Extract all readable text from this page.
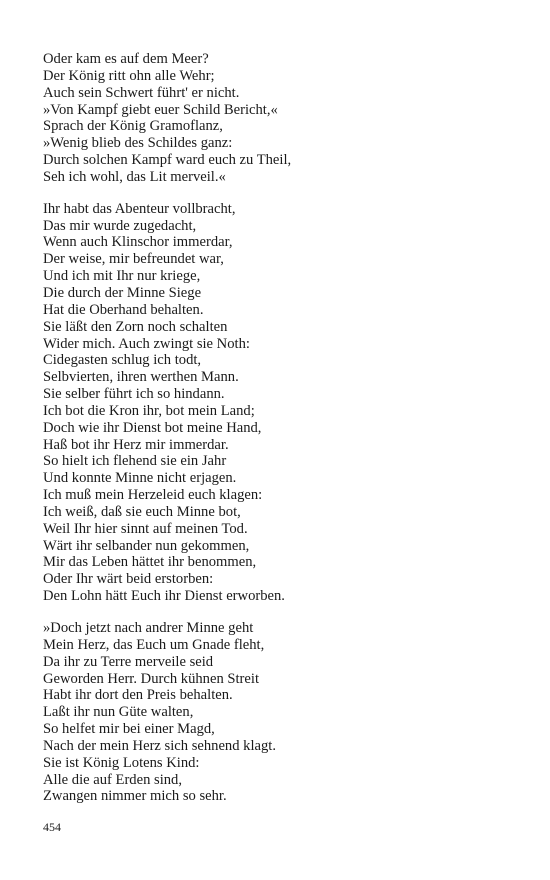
Oder kam es auf dem Meer?
Der König ritt ohn alle Wehr;
Auch sein Schwert führt' er nicht.
»Von Kampf giebt euer Schild Bericht,«
Sprach der König Gramoflanz,
»Wenig blieb des Schildes ganz:
Durch solchen Kampf ward euch zu Theil,
Seh ich wohl, das Lit merveil.«
Ihr habt das Abenteur vollbracht,
Das mir wurde zugedacht,
Wenn auch Klinschor immerdar,
Der weise, mir befreundet war,
Und ich mit Ihr nur kriege,
Die durch der Minne Siege
Hat die Oberhand behalten.
Sie läßt den Zorn noch schalten
Wider mich. Auch zwingt sie Noth:
Cidegasten schlug ich todt,
Selbvierten, ihren werthen Mann.
Sie selber führt ich so hindann.
Ich bot die Kron ihr, bot mein Land;
Doch wie ihr Dienst bot meine Hand,
Haß bot ihr Herz mir immerdar.
So hielt ich flehend sie ein Jahr
Und konnte Minne nicht erjagen.
Ich muß mein Herzeleid euch klagen:
Ich weiß, daß sie euch Minne bot,
Weil Ihr hier sinnt auf meinen Tod.
Wärt ihr selbander nun gekommen,
Mir das Leben hättet ihr benommen,
Oder Ihr wärt beid erstorben:
Den Lohn hätt Euch ihr Dienst erworben.
»Doch jetzt nach andrer Minne geht
Mein Herz, das Euch um Gnade fleht,
Da ihr zu Terre merveile seid
Geworden Herr. Durch kühnen Streit
Habt ihr dort den Preis behalten.
Laßt ihr nun Güte walten,
So helfet mir bei einer Magd,
Nach der mein Herz sich sehnend klagt.
Sie ist König Lotens Kind:
Alle die auf Erden sind,
Zwangen nimmer mich so sehr.
454
